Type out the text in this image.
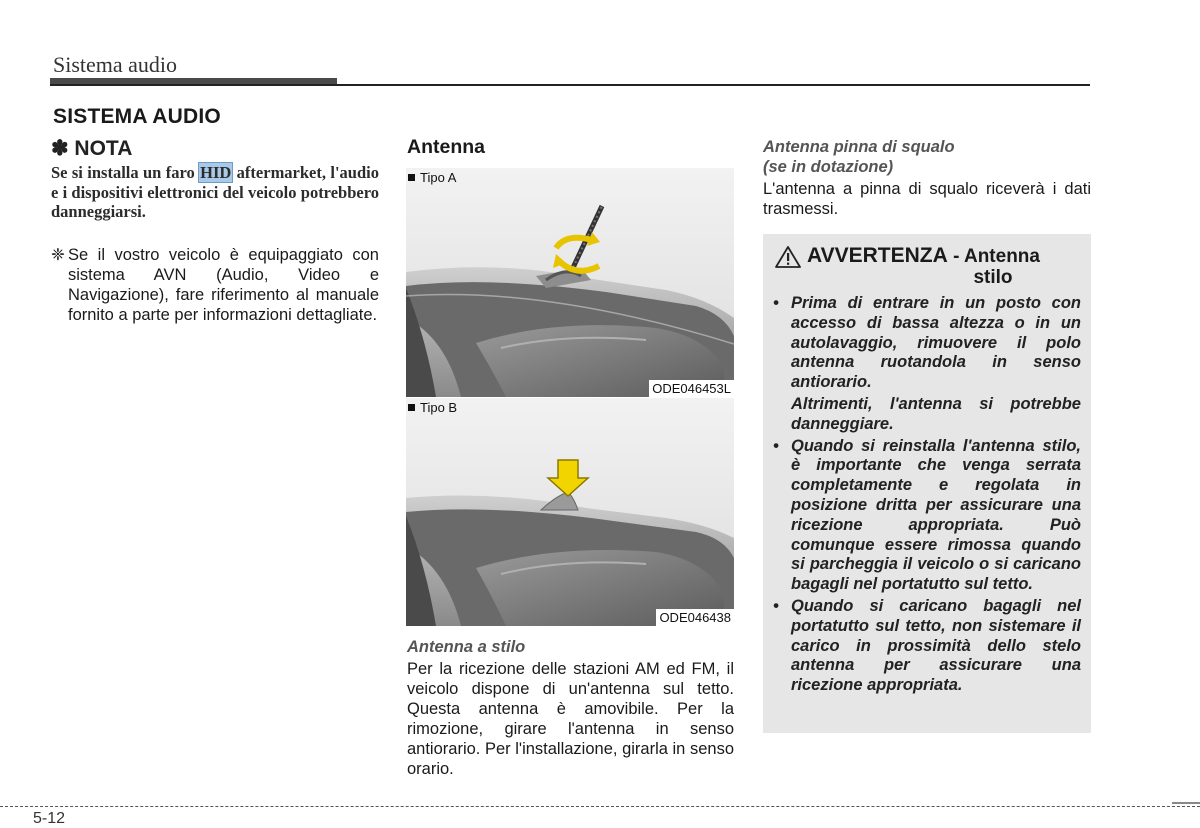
Sistema audio
SISTEMA AUDIO
✽ NOTA
Se si installa un faro HID aftermarket, l'audio e i dispositivi elettronici del veicolo potrebbero danneggiarsi.
❈ Se il vostro veicolo è equipaggiato con sistema AVN (Audio, Video e Navigazione), fare riferimento al manuale fornito a parte per informazioni dettagliate.
Antenna
Tipo A
ODE046453L
Tipo B
ODE046438
Antenna a stilo
Per la ricezione delle stazioni AM ed FM, il veicolo dispone di un'antenna sul tetto. Questa antenna è amovibile. Per la rimozione, girare l'antenna in senso antiorario. Per l'installazione, girarla in senso orario.
Antenna pinna di squalo
(se in dotazione)
L'antenna a pinna di squalo riceverà i dati trasmessi.
AVVERTENZA - Antenna
stilo
• Prima di entrare in un posto con accesso di bassa altezza o in un autolavaggio, rimuovere il polo antenna ruotandola in senso antiorario.
Altrimenti, l'antenna si potrebbe danneggiare.
• Quando si reinstalla l'antenna stilo, è importante che venga serrata completamente e regolata in posizione dritta per assicurare una ricezione appropriata. Può comunque essere rimossa quando si parcheggia il veicolo o si caricano bagagli nel portatutto sul tetto.
• Quando si caricano bagagli nel portatutto sul tetto, non sistemare il carico in prossimità dello stelo antenna per assicurare una ricezione appropriata.
5-12
